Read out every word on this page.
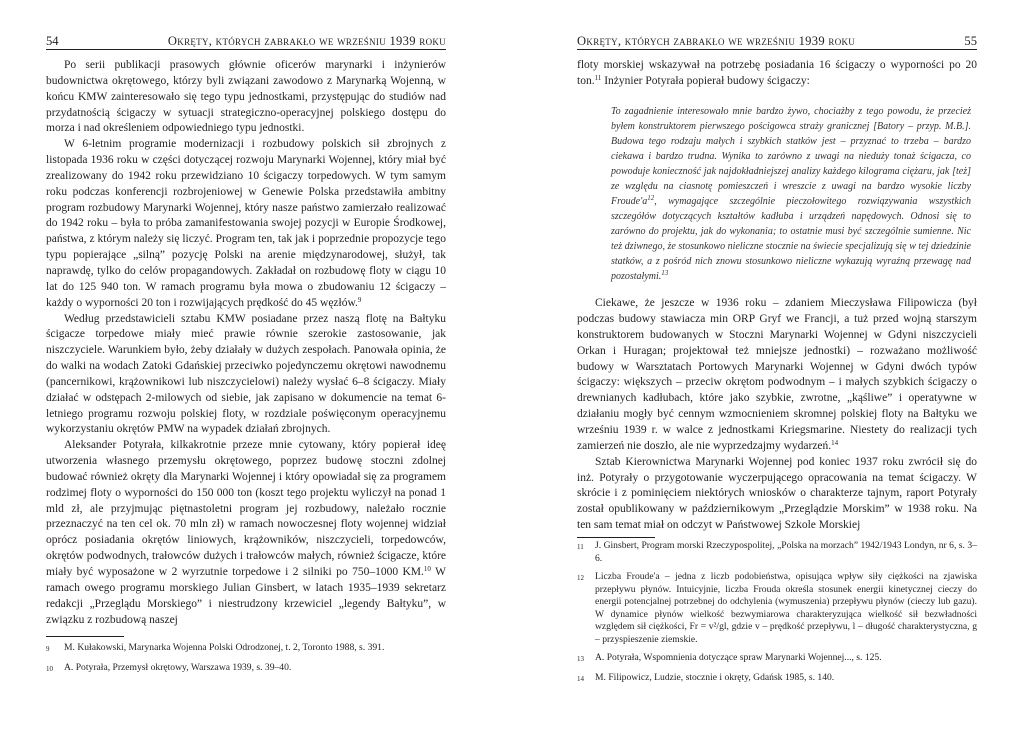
54	Okręty, których zabrakło we wrześniu 1939 roku

Po serii publikacji prasowych głównie oficerów marynarki i inżynierów budownictwa okrętowego, którzy byli związani zawodowo z Marynarką Wojenną, w końcu KMW zainteresowało się tego typu jednostkami, przystępując do studiów nad przydatnością ścigaczy w sytuacji strategiczno-operacyjnej polskiego dostępu do morza i nad określeniem odpowiedniego typu jednostki.

W 6-letnim programie modernizacji i rozbudowy polskich sił zbrojnych z listopada 1936 roku w części dotyczącej rozwoju Marynarki Wojennej, który miał być zrealizowany do 1942 roku przewidziano 10 ścigaczy torpedowych. W tym samym roku podczas konferencji rozbrojeniowej w Genewie Polska przedstawiła ambitny program rozbudowy Marynarki Wojennej, który nasze państwo zamierzało realizować do 1942 roku – była to próba zamanifestowania swojej pozycji w Europie Środkowej, państwa, z którym należy się liczyć. Program ten, tak jak i poprzednie propozycje tego typu popierające „silną” pozycję Polski na arenie międzynarodowej, służył, tak naprawdę, tylko do celów propagandowych. Zakładał on rozbudowę floty w ciągu 10 lat do 125 940 ton. W ramach programu była mowa o zbudowaniu 12 ścigaczy – każdy o wyporności 20 ton i rozwijających prędkość do 45 węzłów.$^9$

Według przedstawicieli sztabu KMW posiadane przez naszą flotę na Bałtyku ścigacze torpedowe miały mieć prawie równie szerokie zastosowanie, jak niszczyciele. Warunkiem było, żeby działały w dużych zespołach. Panowała opinia, że do walki na wodach Zatoki Gdańskiej przeciwko pojedynczemu okrętowi nawodnemu (pancernikowi, krążownikowi lub niszczycielowi) należy wysłać 6–8 ścigaczy. Miały działać w odstępach 2-milowych od siebie, jak zapisano w dokumencie na temat 6-letniego programu rozwoju polskiej floty, w rozdziale poświęconym operacyjnemu wykorzystaniu okrętów PMW na wypadek działań zbrojnych.

Aleksander Potyrała, kilkakrotnie przeze mnie cytowany, który popierał ideę utworzenia własnego przemysłu okrętowego, poprzez budowę stoczni zdolnej budować również okręty dla Marynarki Wojennej i który opowiadał się za programem rodzimej floty o wyporności do 150 000 ton (koszt tego projektu wyliczył na ponad 1 mld zł, ale przyjmując piętnastoletni program jej rozbudowy, należało rocznie przeznaczyć na ten cel ok. 70 mln zł) w ramach nowoczesnej floty wojennej widział oprócz posiadania okrętów liniowych, krążowników, niszczycieli, torpedowców, okrętów podwodnych, trałowców dużych i trałowców małych, również ścigacze, które miały być wyposażone w 2 wyrzutnie torpedowe i 2 silniki po 750–1000 KM.$^{10}$ W ramach owego programu morskiego Julian Ginsbert, w latach 1935–1939 sekretarz redakcji „Przeglądu Morskiego” i niestrudzony krzewiciel „legendy Bałtyku”, w związku z rozbudową naszej

9	M. Kułakowski, Marynarka Wojenna Polski Odrodzonej, t. 2, Toronto 1988, s. 391.
10	A. Potyrała, Przemysł okrętowy, Warszawa 1939, s. 39–40.
Okręty, których zabrakło we wrześniu 1939 roku	55

floty morskiej wskazywał na potrzebę posiadania 16 ścigaczy o wyporności po 20 ton.$^{11}$ Inżynier Potyrała popierał budowy ścigaczy:

To zagadnienie interesowało mnie bardzo żywo, chociażby z tego powodu, że przecież byłem konstruktorem pierwszego pościgowca straży granicznej [Batory – przyp. M.B.]. Budowa tego rodzaju małych i szybkich statków jest – przyznać to trzeba – bardzo ciekawa i bardzo trudna. Wynika to zarówno z uwagi na nieduży tonaż ścigacza, co powoduje konieczność jak najdokładniejszej analizy każdego kilograma ciężaru, jak [też] ze względu na ciasnotę pomieszczeń i wreszcie z uwagi na bardzo wysokie liczby $Froude'a^{12}$, wymagające szczególnie pieczołowitego rozwiązywania wszystkich szczegółów dotyczących kształtów kadłuba i urządzeń napędowych. Odnosi się to zarówno do projektu, jak do wykonania; to ostatnie musi być szczególnie sumienne. Nic też dziwnego, że stosunkowo nieliczne stocznie na świecie specjalizują się w tej dziedzinie statków, a z pośród nich znowu stosunkowo nieliczne wykazują wyraźną przewagę nad pozostałymi.$^{13}$

Ciekawe, że jeszcze w 1936 roku – zdaniem Mieczysława Filipowicza (był podczas budowy stawiacza min ORP Gryf we Francji, a tuż przed wojną starszym konstruktorem budowanych w Stoczni Marynarki Wojennej w Gdyni niszczycieli Orkan i Huragan; projektował też mniejsze jednostki) – rozważano możliwość budowy w Warsztatach Portowych Marynarki Wojennej w Gdyni dwóch typów ścigaczy: większych – przeciw okrętom podwodnym – i małych szybkich ścigaczy o drewnianych kadłubach, które jako szybkie, zwrotne, „kąśliwe” i operatywne w działaniu mogły być cennym wzmocnieniem skromnej polskiej floty na Bałtyku we wrześniu 1939 r. w walce z jednostkami Kriegsmarine. Niestety do realizacji tych zamierzeń nie doszło, ale nie wyprzedzajmy wydarzeń.$^{14}$

Sztab Kierownictwa Marynarki Wojennej pod koniec 1937 roku zwrócił się do inż. Potyrały o przygotowanie wyczerpującego opracowania na temat ścigaczy. W skrócie i z pominięciem niektórych wniosków o charakterze tajnym, raport Potyrały został opublikowany w październikowym „Przeglądzie Morskim” w 1938 roku. Na ten sam temat miał on odczyt w Państwowej Szkole Morskiej

11	J. Ginsbert, Program morski Rzeczypospolitej, „Polska na morzach” 1942/1943 Londyn, nr 6, s. 3–6.
12	Liczba Froude'a – jedna z liczb podobieństwa, opisująca wpływ siły ciężkości na zjawiska przepływu płynów. Intuicyjnie, liczba Frouda określa stosunek energii kinetycznej cieczy do energii potencjalnej potrzebnej do odchylenia (wymuszenia) przepływu płynów (cieczy lub gazu). W dynamice płynów wielkość bezwymiarowa charakteryzująca wielkość sił bezwładności względem sił ciężkości, Fr = v²/gl, gdzie v – prędkość przepływu, l – długość charakterystyczna, g – przyspieszenie ziemskie.
13	A. Potyrała, Wspomnienia dotyczące spraw Marynarki Wojennej..., s. 125.
14	M. Filipowicz, Ludzie, stocznie i okręty, Gdańsk 1985, s. 140.
